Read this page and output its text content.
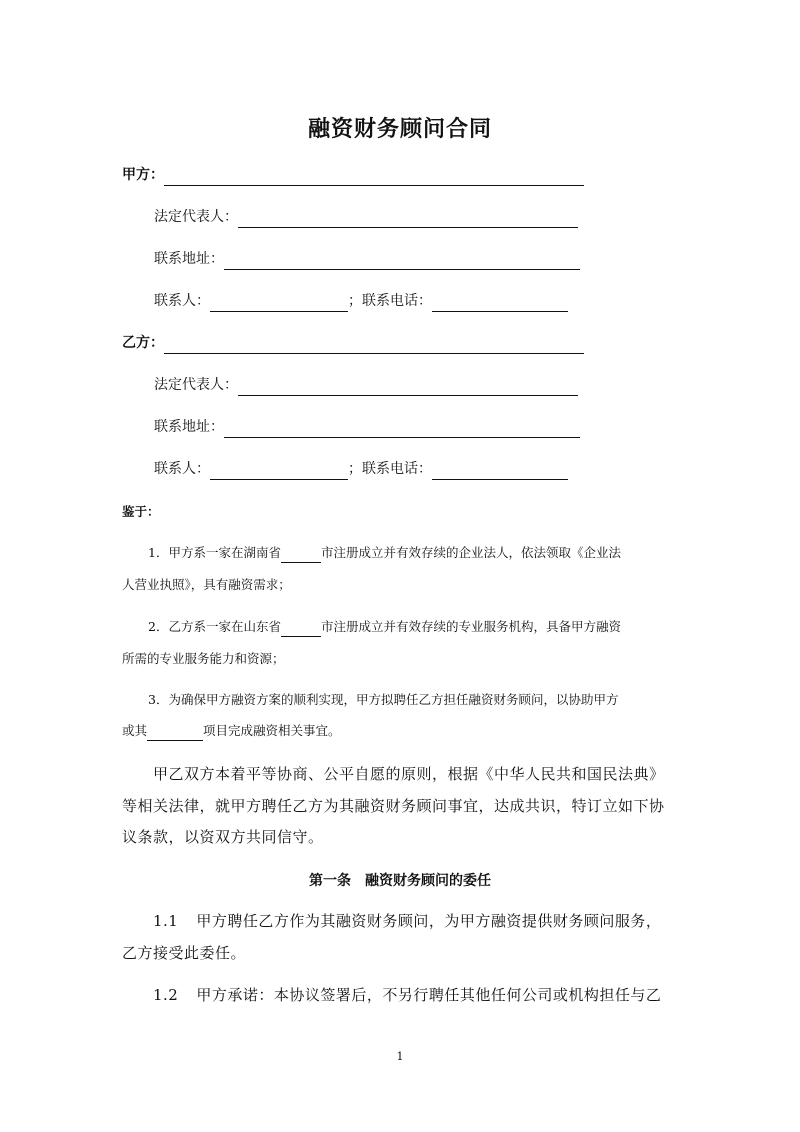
融资财务顾问合同
甲方：
法定代表人：
联系地址：
联系人：	；联系电话：
乙方：
法定代表人：
联系地址：
联系人：	；联系电话：
鉴于：
1．甲方系一家在湖南省	市注册成立并有效存续的企业法人，依法领取《企业法
人营业执照》，具有融资需求；
2．乙方系一家在山东省	市注册成立并有效存续的专业服务机构，具备甲方融资
所需的专业服务能力和资源；
3．为确保甲方融资方案的顺利实现，甲方拟聘任乙方担任融资财务顾问，以协助甲方
或其	项目完成融资相关事宜。
甲乙双方本着平等协商、公平自愿的原则，根据《中华人民共和国民法典》
等相关法律，就甲方聘任乙方为其融资财务顾问事宜，达成共识，特订立如下协
议条款，以资双方共同信守。
第一条　融资财务顾问的委任
1.1 甲方聘任乙方作为其融资财务顾问，为甲方融资提供财务顾问服务，
乙方接受此委任。
1.2 甲方承诺：本协议签署后，不另行聘任其他任何公司或机构担任与乙
1
